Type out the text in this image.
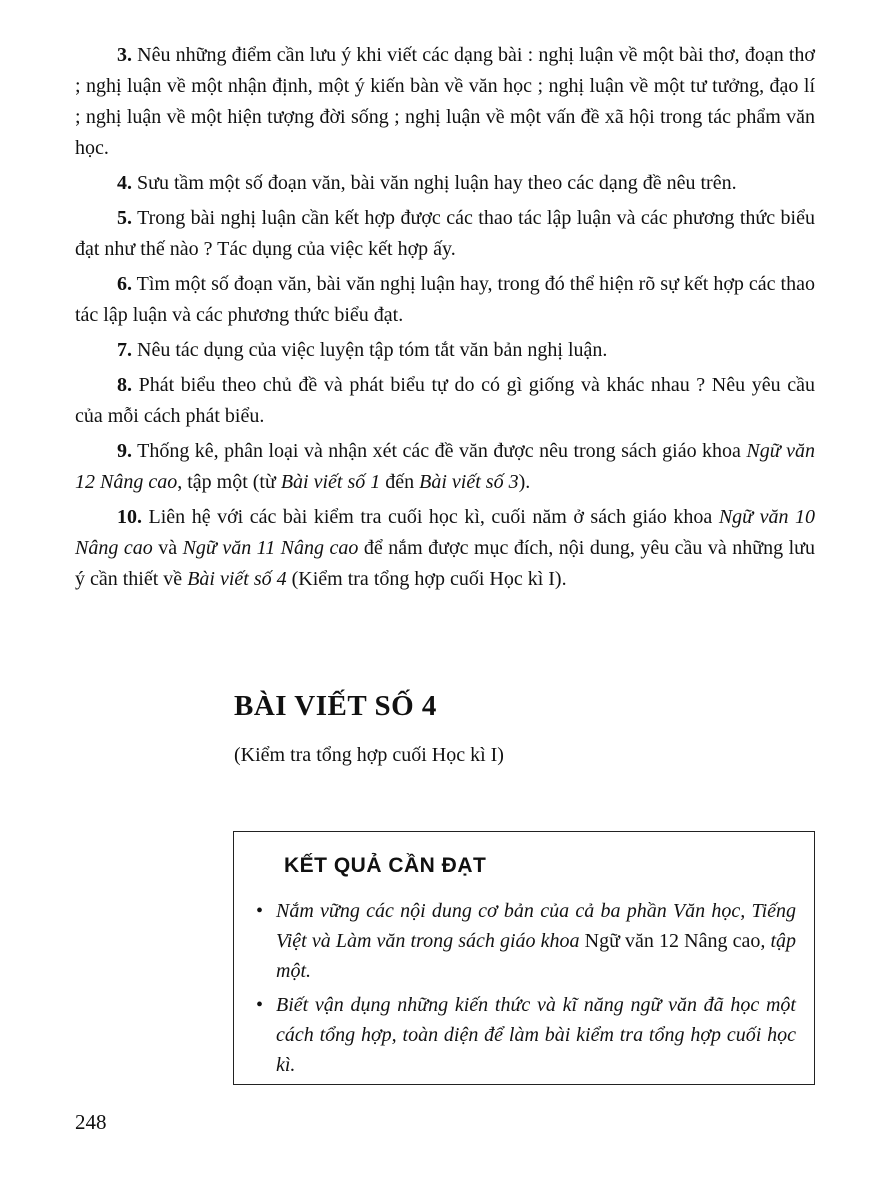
3. Nêu những điểm cần lưu ý khi viết các dạng bài : nghị luận về một bài thơ, đoạn thơ ; nghị luận về một nhận định, một ý kiến bàn về văn học ; nghị luận về một tư tưởng, đạo lí ; nghị luận về một hiện tượng đời sống ; nghị luận về một vấn đề xã hội trong tác phẩm văn học.

4. Sưu tầm một số đoạn văn, bài văn nghị luận hay theo các dạng đề nêu trên.

5. Trong bài nghị luận cần kết hợp được các thao tác lập luận và các phương thức biểu đạt như thế nào ? Tác dụng của việc kết hợp ấy.

6. Tìm một số đoạn văn, bài văn nghị luận hay, trong đó thể hiện rõ sự kết hợp các thao tác lập luận và các phương thức biểu đạt.

7. Nêu tác dụng của việc luyện tập tóm tắt văn bản nghị luận.

8. Phát biểu theo chủ đề và phát biểu tự do có gì giống và khác nhau ? Nêu yêu cầu của mỗi cách phát biểu.

9. Thống kê, phân loại và nhận xét các đề văn được nêu trong sách giáo khoa Ngữ văn 12 Nâng cao, tập một (từ Bài viết số 1 đến Bài viết số 3).

10. Liên hệ với các bài kiểm tra cuối học kì, cuối năm ở sách giáo khoa Ngữ văn 10 Nâng cao và Ngữ văn 11 Nâng cao để nắm được mục đích, nội dung, yêu cầu và những lưu ý cần thiết về Bài viết số 4 (Kiểm tra tổng hợp cuối Học kì I).

BÀI VIẾT SỐ 4

(Kiểm tra tổng hợp cuối Học kì I)

KẾT QUẢ CẦN ĐẠT
• Nắm vững các nội dung cơ bản của cả ba phần Văn học, Tiếng Việt và Làm văn trong sách giáo khoa Ngữ văn 12 Nâng cao, tập một.
• Biết vận dụng những kiến thức và kĩ năng ngữ văn đã học một cách tổng hợp, toàn diện để làm bài kiểm tra tổng hợp cuối học kì.

248
